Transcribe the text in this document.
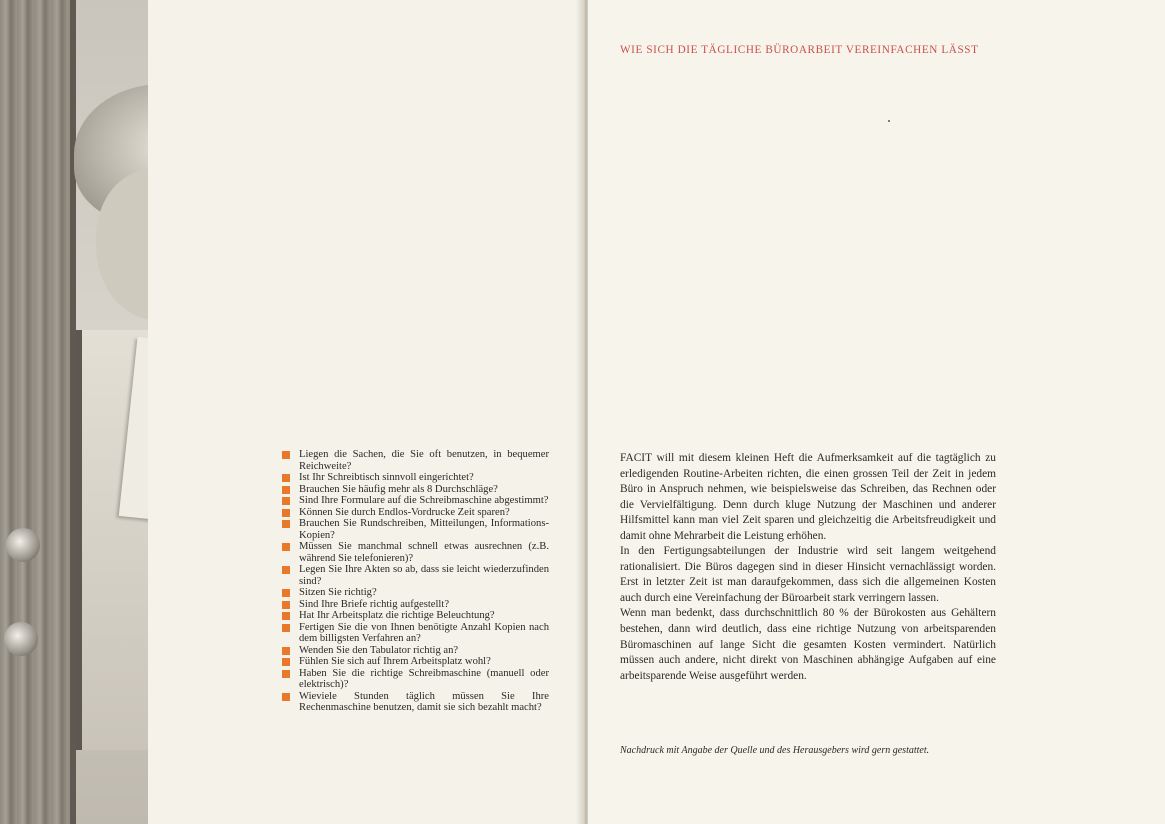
Liegen die Sachen, die Sie oft benutzen, in bequemer Reichweite?
Ist Ihr Schreibtisch sinnvoll eingerichtet?
Brauchen Sie häufig mehr als 8 Durchschläge?
Sind Ihre Formulare auf die Schreibmaschine abgestimmt?
Können Sie durch Endlos-Vordrucke Zeit sparen?
Brauchen Sie Rundschreiben, Mitteilungen, Informations-Kopien?
Müssen Sie manchmal schnell etwas ausrechnen (z.B. während Sie telefonieren)?
Legen Sie Ihre Akten so ab, dass sie leicht wiederzufinden sind?
Sitzen Sie richtig?
Sind Ihre Briefe richtig aufgestellt?
Hat Ihr Arbeitsplatz die richtige Beleuchtung?
Fertigen Sie die von Ihnen benötigte Anzahl Kopien nach dem billigsten Verfahren an?
Wenden Sie den Tabulator richtig an?
Fühlen Sie sich auf Ihrem Arbeitsplatz wohl?
Haben Sie die richtige Schreibmaschine (manuell oder elektrisch)?
Wieviele Stunden täglich müssen Sie Ihre Rechenmaschine benutzen, damit sie sich bezahlt macht?
WIE SICH DIE TÄGLICHE BÜROARBEIT VEREINFACHEN LÄSST

FACIT will mit diesem kleinen Heft die Aufmerksamkeit auf die tagtäglich zu erledigenden Routine-Arbeiten richten, die einen grossen Teil der Zeit in jedem Büro in Anspruch nehmen, wie beispielsweise das Schreiben, das Rechnen oder die Vervielfältigung. Denn durch kluge Nutzung der Maschinen und anderer Hilfsmittel kann man viel Zeit sparen und gleichzeitig die Arbeitsfreudigkeit und damit ohne Mehrarbeit die Leistung erhöhen.

In den Fertigungsabteilungen der Industrie wird seit langem weitgehend rationalisiert. Die Büros dagegen sind in dieser Hinsicht vernachlässigt worden. Erst in letzter Zeit ist man daraufgekommen, dass sich die allgemeinen Kosten auch durch eine Vereinfachung der Büroarbeit stark verringern lassen.

Wenn man bedenkt, dass durchschnittlich 80 % der Bürokosten aus Gehältern bestehen, dann wird deutlich, dass eine richtige Nutzung von arbeitsparenden Büromaschinen auf lange Sicht die gesamten Kosten vermindert. Natürlich müssen auch andere, nicht direkt von Maschinen abhängige Aufgaben auf eine arbeitsparende Weise ausgeführt werden.

Nachdruck mit Angabe der Quelle und des Herausgebers wird gern gestattet.
